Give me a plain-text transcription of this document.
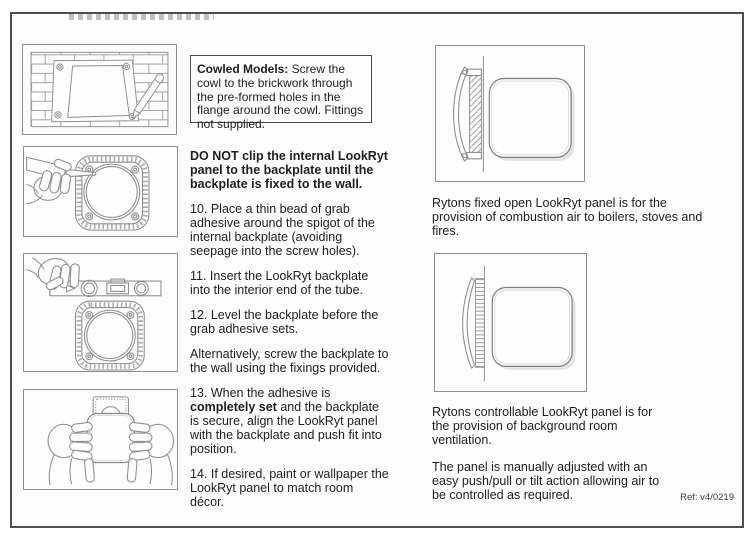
Cowled Models: Screw the cowl to the brickwork through the pre-formed holes in the flange around the cowl. Fittings not supplied.

DO NOT clip the internal LookRyt panel to the backplate until the backplate is fixed to the wall.

10. Place a thin bead of grab adhesive around the spigot of the internal backplate (avoiding seepage into the screw holes).

11. Insert the LookRyt backplate into the interior end of the tube.

12. Level the backplate before the grab adhesive sets.

Alternatively, screw the backplate to the wall using the fixings provided.

13. When the adhesive is completely set and the backplate is secure, align the LookRyt panel with the backplate and push fit into position.

14. If desired, paint or wallpaper the LookRyt panel to match room décor.

Rytons fixed open LookRyt panel is for the provision of combustion air to boilers, stoves and fires.

Rytons controllable LookRyt panel is for the provision of background room ventilation.

The panel is manually adjusted with an easy push/pull or tilt action allowing air to be controlled as required.	Ref: v4/0219
